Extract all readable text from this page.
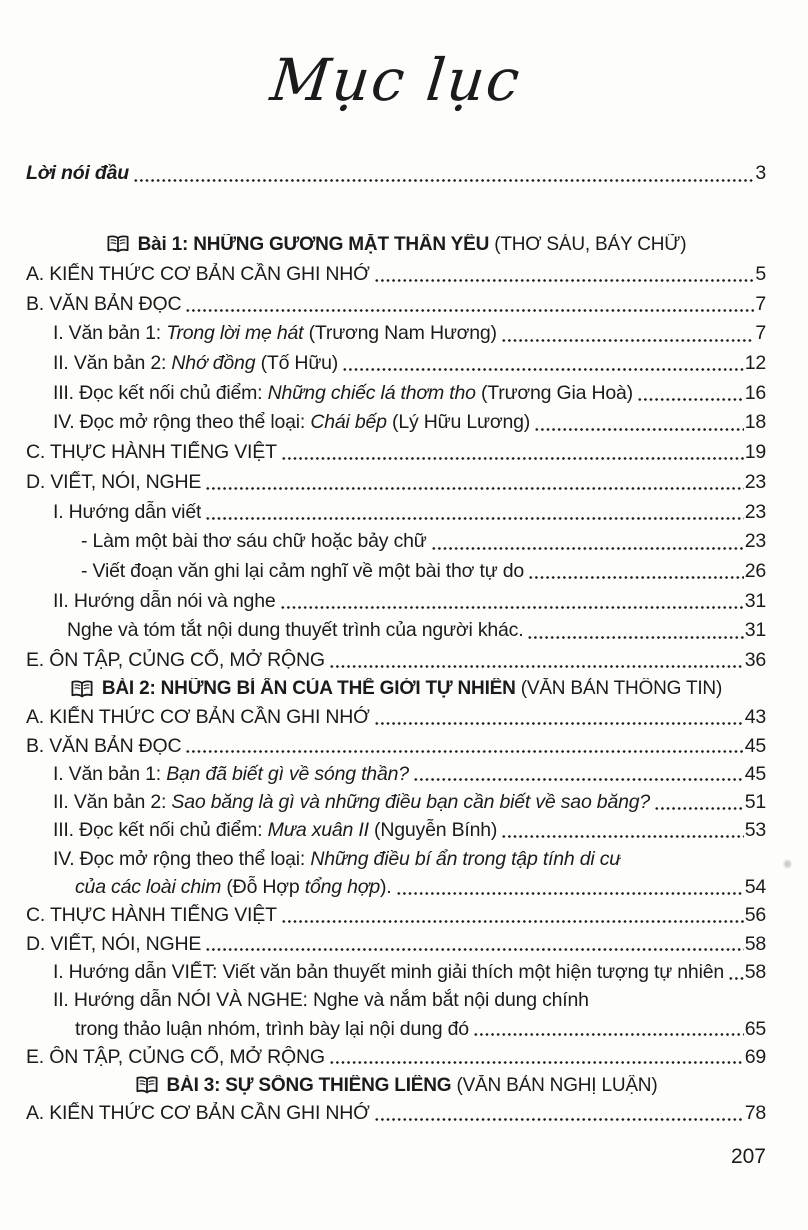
Mục lục
Lời nói đầu	3
Bài 1: NHỮNG GƯƠNG MẶT THÂN YÊU (THƠ SÁU, BẢY CHỮ)
A. KIẾN THỨC CƠ BẢN CẦN GHI NHỚ	5
B. VĂN BẢN ĐỌC	7
I. Văn bản 1: Trong lời mẹ hát (Trương Nam Hương)	7
II. Văn bản 2: Nhớ đồng (Tố Hữu)	12
III. Đọc kết nối chủ điểm: Những chiếc lá thơm tho (Trương Gia Hoà)	16
IV. Đọc mở rộng theo thể loại: Chái bếp (Lý Hữu Lương)	18
C. THỰC HÀNH TIẾNG VIỆT	19
D. VIẾT, NÓI, NGHE	23
I. Hướng dẫn viết	23
- Làm một bài thơ sáu chữ hoặc bảy chữ	23
- Viết đoạn văn ghi lại cảm nghĩ về một bài thơ tự do	26
II. Hướng dẫn nói và nghe	31
Nghe và tóm tắt nội dung thuyết trình của người khác.	31
E. ÔN TẬP, CỦNG CỐ, MỞ RỘNG	36
BÀI 2: NHỮNG BÍ ẨN CỦA THẾ GIỚI TỰ NHIÊN (VĂN BẢN THÔNG TIN)
A. KIẾN THỨC CƠ BẢN CẦN GHI NHỚ	43
B. VĂN BẢN ĐỌC	45
I. Văn bản 1: Bạn đã biết gì về sóng thần?	45
II. Văn bản 2: Sao băng là gì và những điều bạn cần biết về sao băng?	51
III. Đọc kết nối chủ điểm: Mưa xuân II (Nguyễn Bính)	53
IV. Đọc mở rộng theo thể loại: Những điều bí ẩn trong tập tính di cư
của các loài chim (Đỗ Hợp tổng hợp).	54
C. THỰC HÀNH TIẾNG VIỆT	56
D. VIẾT, NÓI, NGHE	58
I. Hướng dẫn VIẾT: Viết văn bản thuyết minh giải thích một hiện tượng tự nhiên 58
II. Hướng dẫn NÓI VÀ NGHE: Nghe và nắm bắt nội dung chính
trong thảo luận nhóm, trình bày lại nội dung đó	65
E. ÔN TẬP, CỦNG CỐ, MỞ RỘNG	69
BÀI 3: SỰ SỐNG THIÊNG LIÊNG (VĂN BẢN NGHỊ LUẬN)
A. KIẾN THỨC CƠ BẢN CẦN GHI NHỚ	78
207
